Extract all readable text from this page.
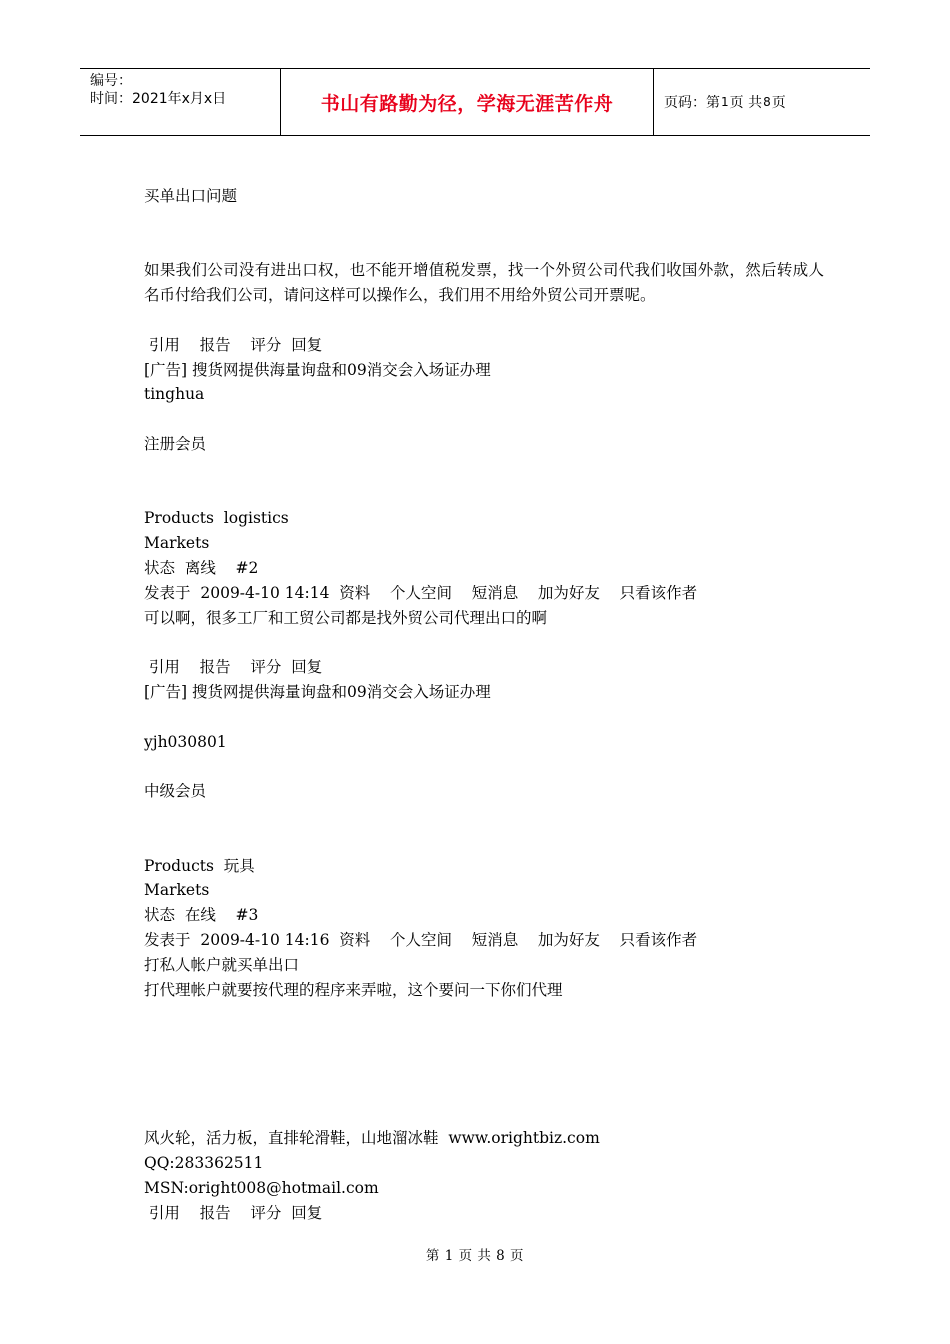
编号：
时间：2021年x月x日	书山有路勤为径，学海无涯苦作舟	页码：第 1 页 共 8 页
买单出口问题
如果我们公司没有进出口权，也不能开增值税发票，找一个外贸公司代我们收国外款，然后转成人名币付给我们公司，请问这样可以操作么，我们用不用给外贸公司开票呢。
引用    报告    评分  回复
[广告] 搜货网提供海量询盘和09消交会入场证办理
tinghua
注册会员
Products  logistics
Markets
状态  离线    #2
发表于  2009-4-10 14:14  资料    个人空间    短消息    加为好友    只看该作者
可以啊，很多工厂和工贸公司都是找外贸公司代理出口的啊
引用    报告    评分  回复
[广告] 搜货网提供海量询盘和09消交会入场证办理
yjh030801
中级会员
Products  玩具
Markets
状态  在线    #3
发表于  2009-4-10 14:16  资料    个人空间    短消息    加为好友    只看该作者
打私人帐户就买单出口
打代理帐户就要按代理的程序来弄啦，这个要问一下你们代理
风火轮，活力板，直排轮滑鞋，山地溜冰鞋  www.orightbiz.com
QQ:283362511
MSN:oright008@hotmail.com
引用    报告    评分  回复
第 1 页 共 8 页
